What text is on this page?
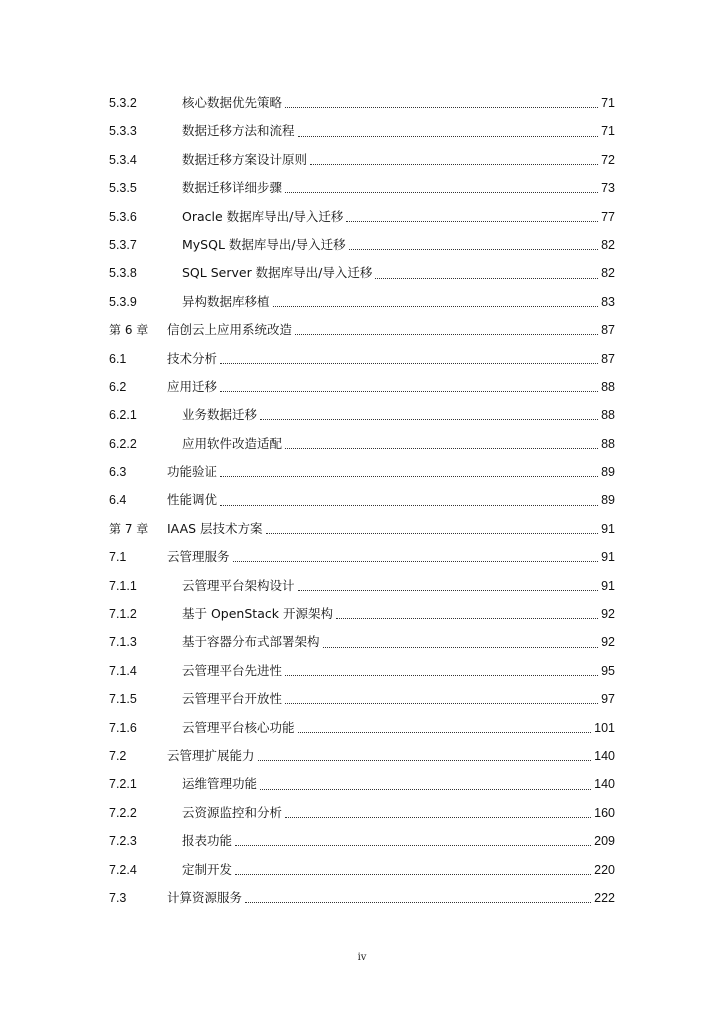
5.3.2	核心数据优先策略	71
5.3.3	数据迁移方法和流程	71
5.3.4	数据迁移方案设计原则	72
5.3.5	数据迁移详细步骤	73
5.3.6	Oracle 数据库导出/导入迁移	77
5.3.7	MySQL 数据库导出/导入迁移	82
5.3.8	SQL Server 数据库导出/导入迁移	82
5.3.9	异构数据库移植	83
第 6 章	信创云上应用系统改造	87
6.1	技术分析	87
6.2	应用迁移	88
6.2.1	业务数据迁移	88
6.2.2	应用软件改造适配	88
6.3	功能验证	89
6.4	性能调优	89
第 7 章	IAAS 层技术方案	91
7.1	云管理服务	91
7.1.1	云管理平台架构设计	91
7.1.2	基于 OpenStack 开源架构	92
7.1.3	基于容器分布式部署架构	92
7.1.4	云管理平台先进性	95
7.1.5	云管理平台开放性	97
7.1.6	云管理平台核心功能	101
7.2	云管理扩展能力	140
7.2.1	运维管理功能	140
7.2.2	云资源监控和分析	160
7.2.3	报表功能	209
7.2.4	定制开发	220
7.3	计算资源服务	222
iv
